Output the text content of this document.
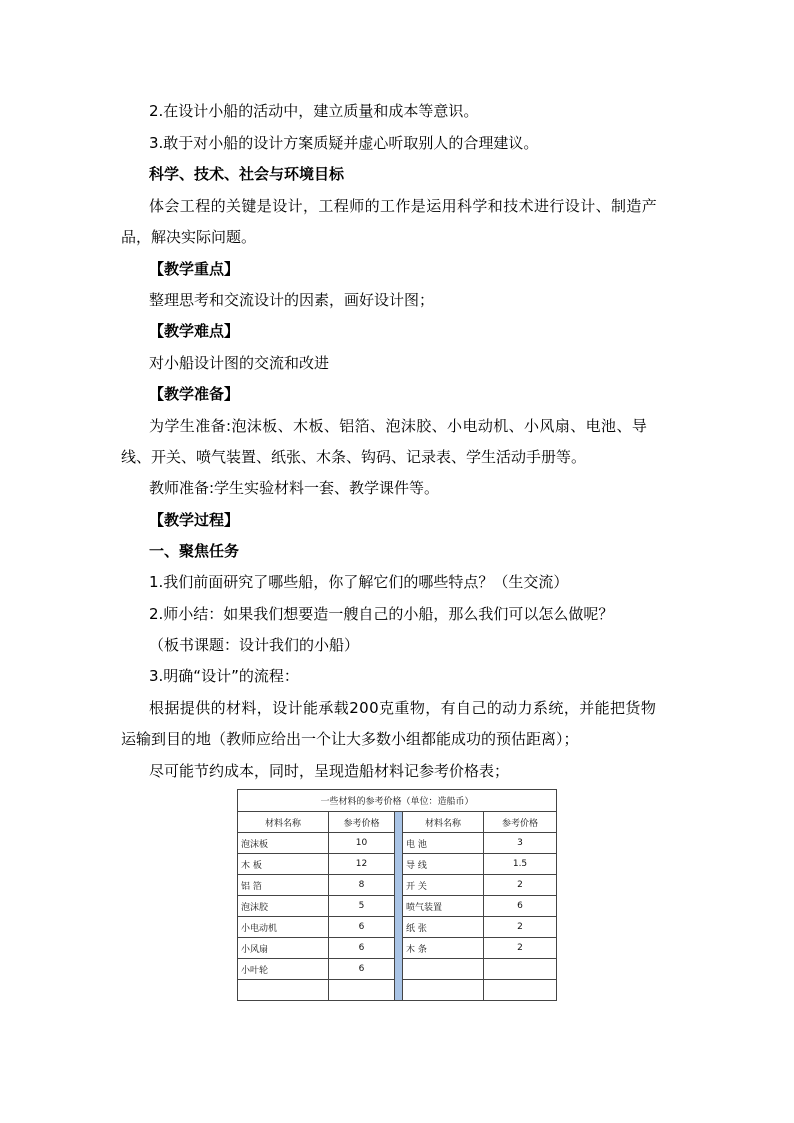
2.在设计小船的活动中，建立质量和成本等意识。
3.敢于对小船的设计方案质疑并虚心听取别人的合理建议。
科学、技术、社会与环境目标
体会工程的关键是设计，工程师的工作是运用科学和技术进行设计、制造产
品，解决实际问题。
【教学重点】
整理思考和交流设计的因素，画好设计图；
【教学难点】
对小船设计图的交流和改进
【教学准备】
为学生准备:泡沫板、木板、铝箔、泡沫胶、小电动机、小风扇、电池、导
线、开关、喷气装置、纸张、木条、钩码、记录表、学生活动手册等。
教师准备:学生实验材料一套、教学课件等。
【教学过程】
一、聚焦任务
1.我们前面研究了哪些船，你了解它们的哪些特点？（生交流）
2.师小结：如果我们想要造一艘自己的小船，那么我们可以怎么做呢？
（板书课题：设计我们的小船）
3.明确“设计”的流程：
根据提供的材料，设计能承载200克重物，有自己的动力系统，并能把货物
运输到目的地（教师应给出一个让大多数小组都能成功的预估距离）；
尽可能节约成本，同时，呈现造船材料记参考价格表；
一些材料的参考价格（单位：造船币）				
材料名称	参考价格		材料名称	参考价格
泡沫板	10		电 池	3
木 板	12		导 线	1.5
铝 箔	8		开 关	2
泡沫胶	5		喷气装置	6
小电动机	6		纸 张	2
小风扇	6		木 条	2
小叶轮	6			
